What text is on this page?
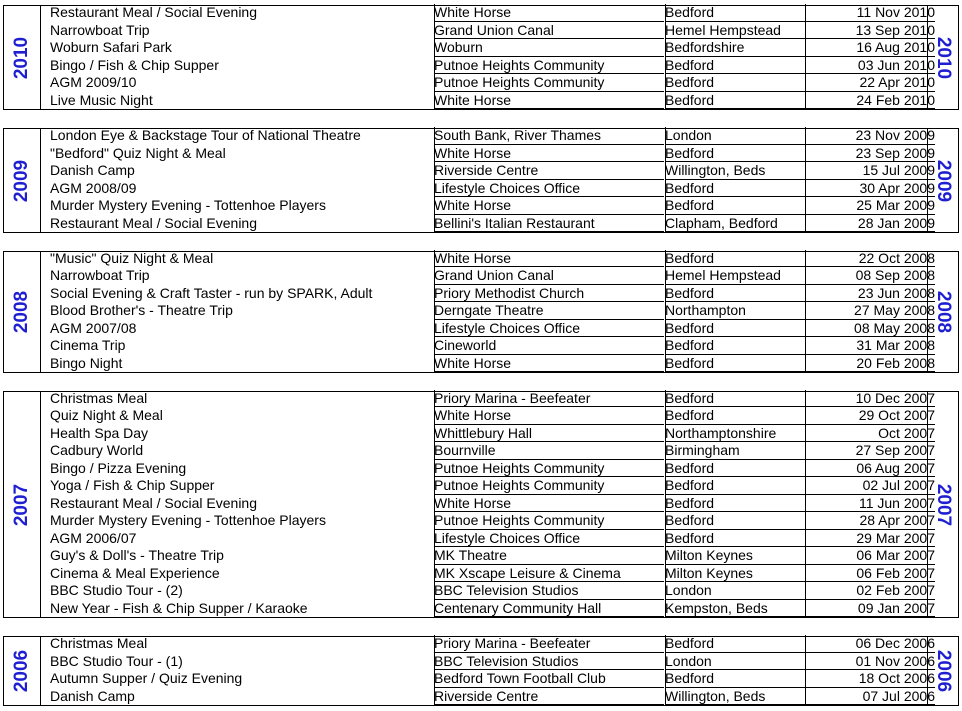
2010	2010
Restaurant Meal / Social Evening	White Horse	Bedford	11 Nov 2010
Narrowboat Trip	Grand Union Canal	Hemel Hempstead	13 Sep 2010
Woburn Safari Park	Woburn	Bedfordshire	16 Aug 2010
Bingo / Fish & Chip Supper	Putnoe Heights Community	Bedford	03 Jun 2010
AGM 2009/10	Putnoe Heights Community	Bedford	22 Apr 2010
Live Music Night	White Horse	Bedford	24 Feb 2010
2009	2009
London Eye & Backstage Tour of National Theatre	South Bank, River Thames	London	23 Nov 2009
"Bedford" Quiz Night & Meal	White Horse	Bedford	23 Sep 2009
Danish Camp	Riverside Centre	Willington, Beds	15 Jul 2009
AGM 2008/09	Lifestyle Choices Office	Bedford	30 Apr 2009
Murder Mystery Evening - Tottenhoe Players	White Horse	Bedford	25 Mar 2009
Restaurant Meal / Social Evening	Bellini's Italian Restaurant	Clapham, Bedford	28 Jan 2009
2008	2008
"Music" Quiz Night & Meal	White Horse	Bedford	22 Oct 2008
Narrowboat Trip	Grand Union Canal	Hemel Hempstead	08 Sep 2008
Social Evening & Craft Taster - run by SPARK, Adult	Priory Methodist Church	Bedford	23 Jun 2008
Blood Brother's - Theatre Trip	Derngate Theatre	Northampton	27 May 2008
AGM 2007/08	Lifestyle Choices Office	Bedford	08 May 2008
Cinema Trip	Cineworld	Bedford	31 Mar 2008
Bingo Night	White Horse	Bedford	20 Feb 2008
2007	2007
Christmas Meal	Priory Marina - Beefeater	Bedford	10 Dec 2007
Quiz Night & Meal	White Horse	Bedford	29 Oct 2007
Health Spa Day	Whittlebury Hall	Northamptonshire	Oct 2007
Cadbury World	Bournville	Birmingham	27 Sep 2007
Bingo / Pizza Evening	Putnoe Heights Community	Bedford	06 Aug 2007
Yoga / Fish & Chip Supper	Putnoe Heights Community	Bedford	02 Jul 2007
Restaurant Meal / Social Evening	White Horse	Bedford	11 Jun 2007
Murder Mystery Evening - Tottenhoe Players	Putnoe Heights Community	Bedford	28 Apr 2007
AGM 2006/07	Lifestyle Choices Office	Bedford	29 Mar 2007
Guy's & Doll's - Theatre Trip	MK Theatre	Milton Keynes	06 Mar 2007
Cinema & Meal Experience	MK Xscape Leisure & Cinema	Milton Keynes	06 Feb 2007
BBC Studio Tour - (2)	BBC Television Studios	London	02 Feb 2007
New Year - Fish & Chip Supper / Karaoke	Centenary Community Hall	Kempston, Beds	09 Jan 2007
2006	2006
Christmas Meal	Priory Marina - Beefeater	Bedford	06 Dec 2006
BBC Studio Tour - (1)	BBC Television Studios	London	01 Nov 2006
Autumn Supper / Quiz Evening	Bedford Town Football Club	Bedford	18 Oct 2006
Danish Camp	Riverside Centre	Willington, Beds	07 Jul 2006
